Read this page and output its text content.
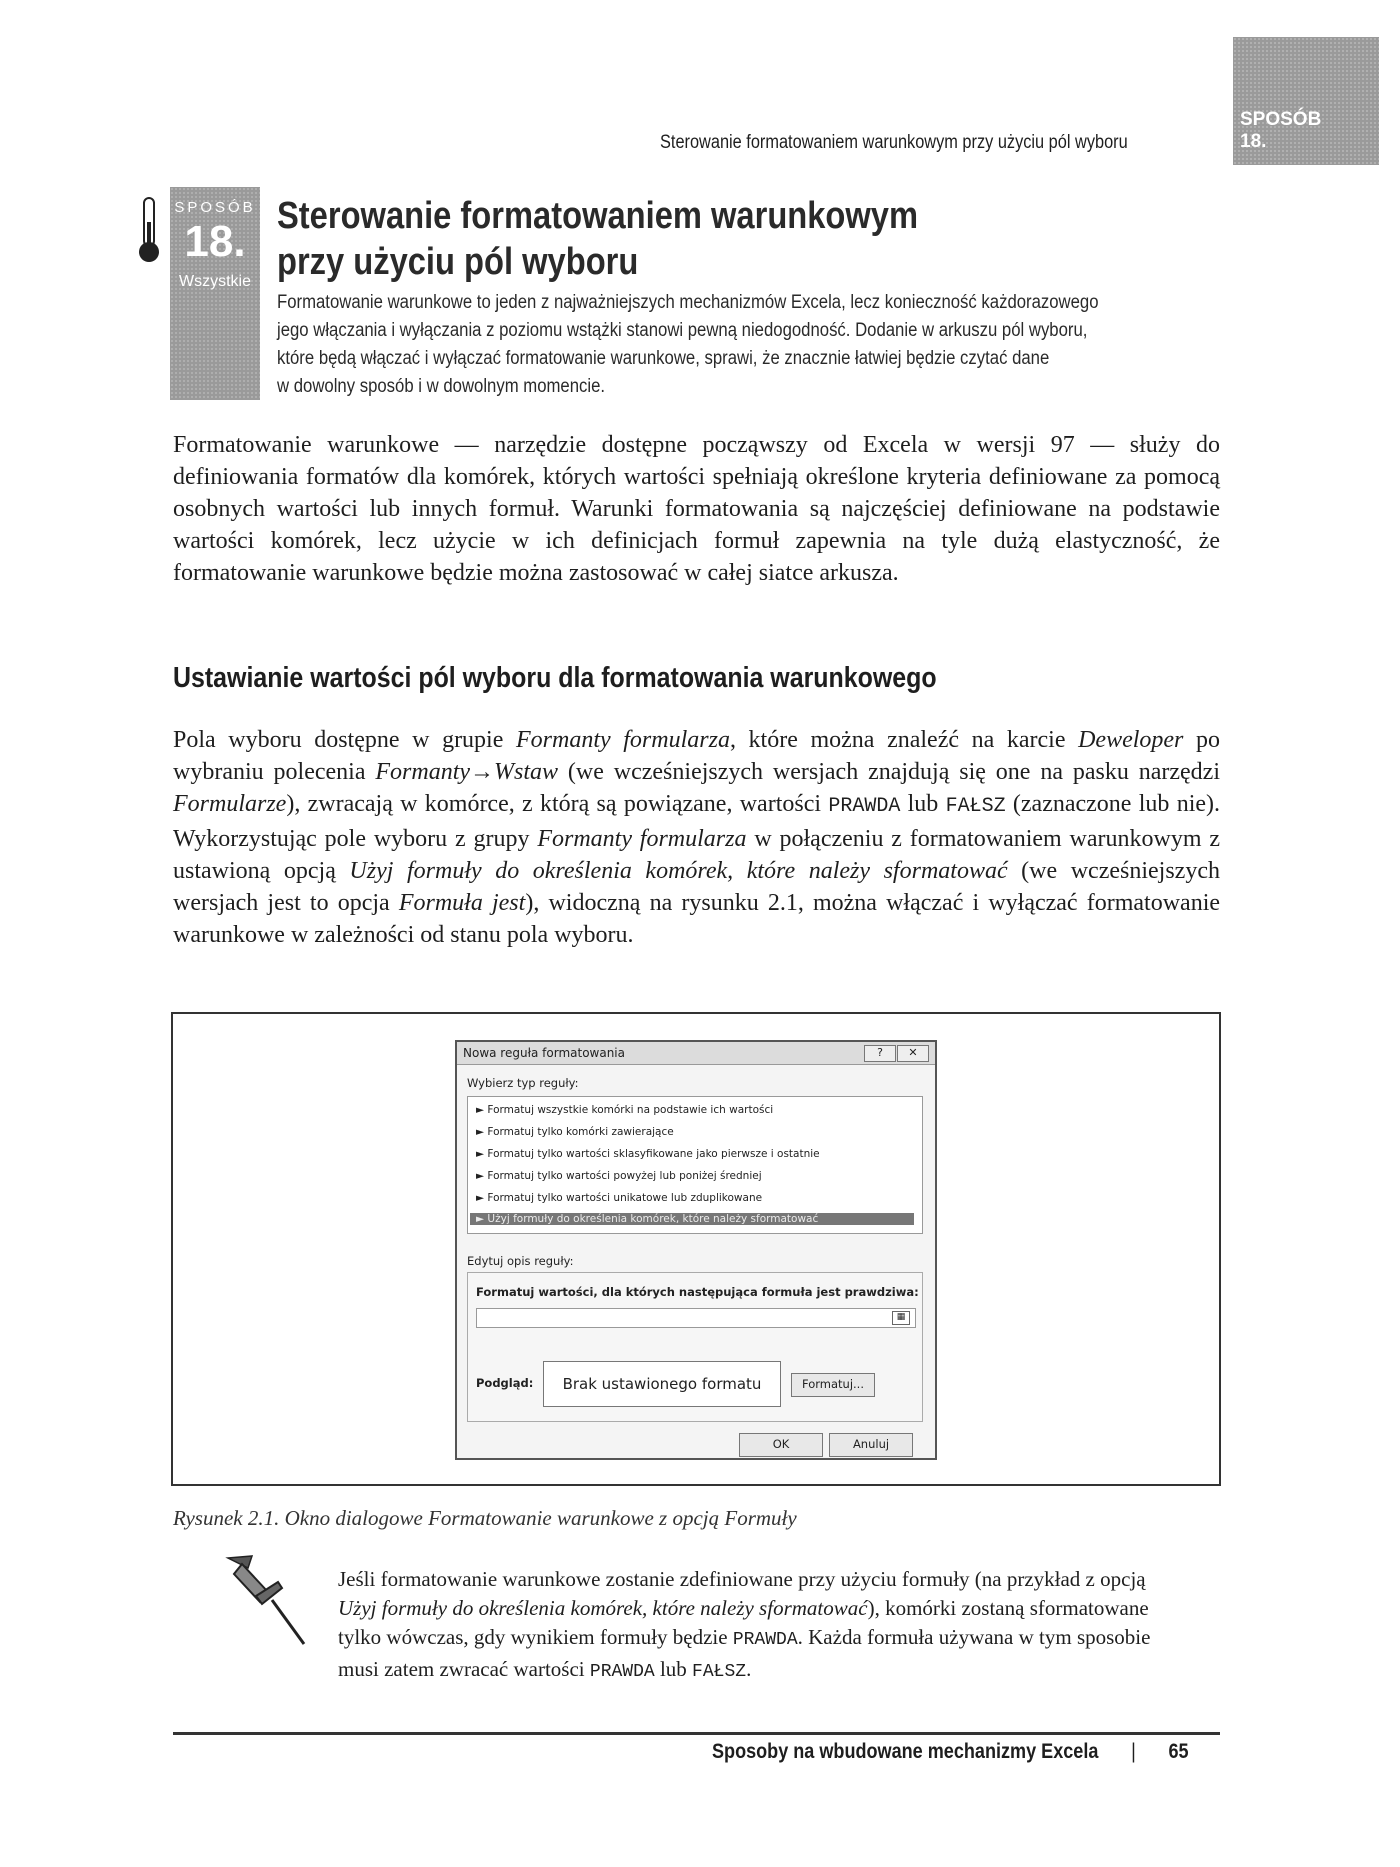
Sterowanie formatowaniem warunkowym przy użyciu pól wyboru
SPOSÓB
18.
SPOSÓB
18.
Wszystkie
Sterowanie formatowaniem warunkowym
przy użyciu pól wyboru
Formatowanie warunkowe to jeden z najważniejszych mechanizmów Excela, lecz konieczność każdorazowego
jego włączania i wyłączania z poziomu wstążki stanowi pewną niedogodność. Dodanie w arkuszu pól wyboru,
które będą włączać i wyłączać formatowanie warunkowe, sprawi, że znacznie łatwiej będzie czytać dane
w dowolny sposób i w dowolnym momencie.

Formatowanie warunkowe — narzędzie dostępne począwszy od Excela w wersji 97 — służy do definiowania formatów dla komórek, których wartości spełniają określone kryteria definiowane za pomocą osobnych wartości lub innych formuł. Warunki formatowania są najczęściej definiowane na podstawie wartości komórek, lecz użycie w ich definicjach formuł zapewnia na tyle dużą elastyczność, że formatowanie warunkowe będzie można zastosować w całej siatce arkusza.

Ustawianie wartości pól wyboru dla formatowania warunkowego

Pola wyboru dostępne w grupie Formanty formularza, które można znaleźć na karcie Deweloper po wybraniu polecenia Formanty→Wstaw (we wcześniejszych wersjach znajdują się one na pasku narzędzi Formularze), zwracają w komórce, z którą są powiązane, wartości PRAWDA lub FAŁSZ (zaznaczone lub nie). Wykorzystując pole wyboru z grupy Formanty formularza w połączeniu z formatowaniem warunkowym z ustawioną opcją Użyj formuły do określenia komórek, które należy sformatować (we wcześniejszych wersjach jest to opcja Formuła jest), widoczną na rysunku 2.1, można włączać i wyłączać formatowanie warunkowe w zależności od stanu pola wyboru.

Nowa reguła formatowania	?	✕
Wybierz typ reguły:
► Formatuj wszystkie komórki na podstawie ich wartości
► Formatuj tylko komórki zawierające
► Formatuj tylko wartości sklasyfikowane jako pierwsze i ostatnie
► Formatuj tylko wartości powyżej lub poniżej średniej
► Formatuj tylko wartości unikatowe lub zduplikowane
► Użyj formuły do określenia komórek, które należy sformatować
Edytuj opis reguły:
Formatuj wartości, dla których następująca formuła jest prawdziwa:
▦
Podgląd:	Brak ustawionego formatu	Formatuj...
OK	Anuluj
Rysunek 2.1. Okno dialogowe Formatowanie warunkowe z opcją Formuły

Jeśli formatowanie warunkowe zostanie zdefiniowane przy użyciu formuły (na przykład z opcją Użyj formuły do określenia komórek, które należy sformatować), komórki zostaną sformatowane tylko wówczas, gdy wynikiem formuły będzie PRAWDA. Każda formuła używana w tym sposobie musi zatem zwracać wartości PRAWDA lub FAŁSZ.

Sposoby na wbudowane mechanizmy Excela | 65
